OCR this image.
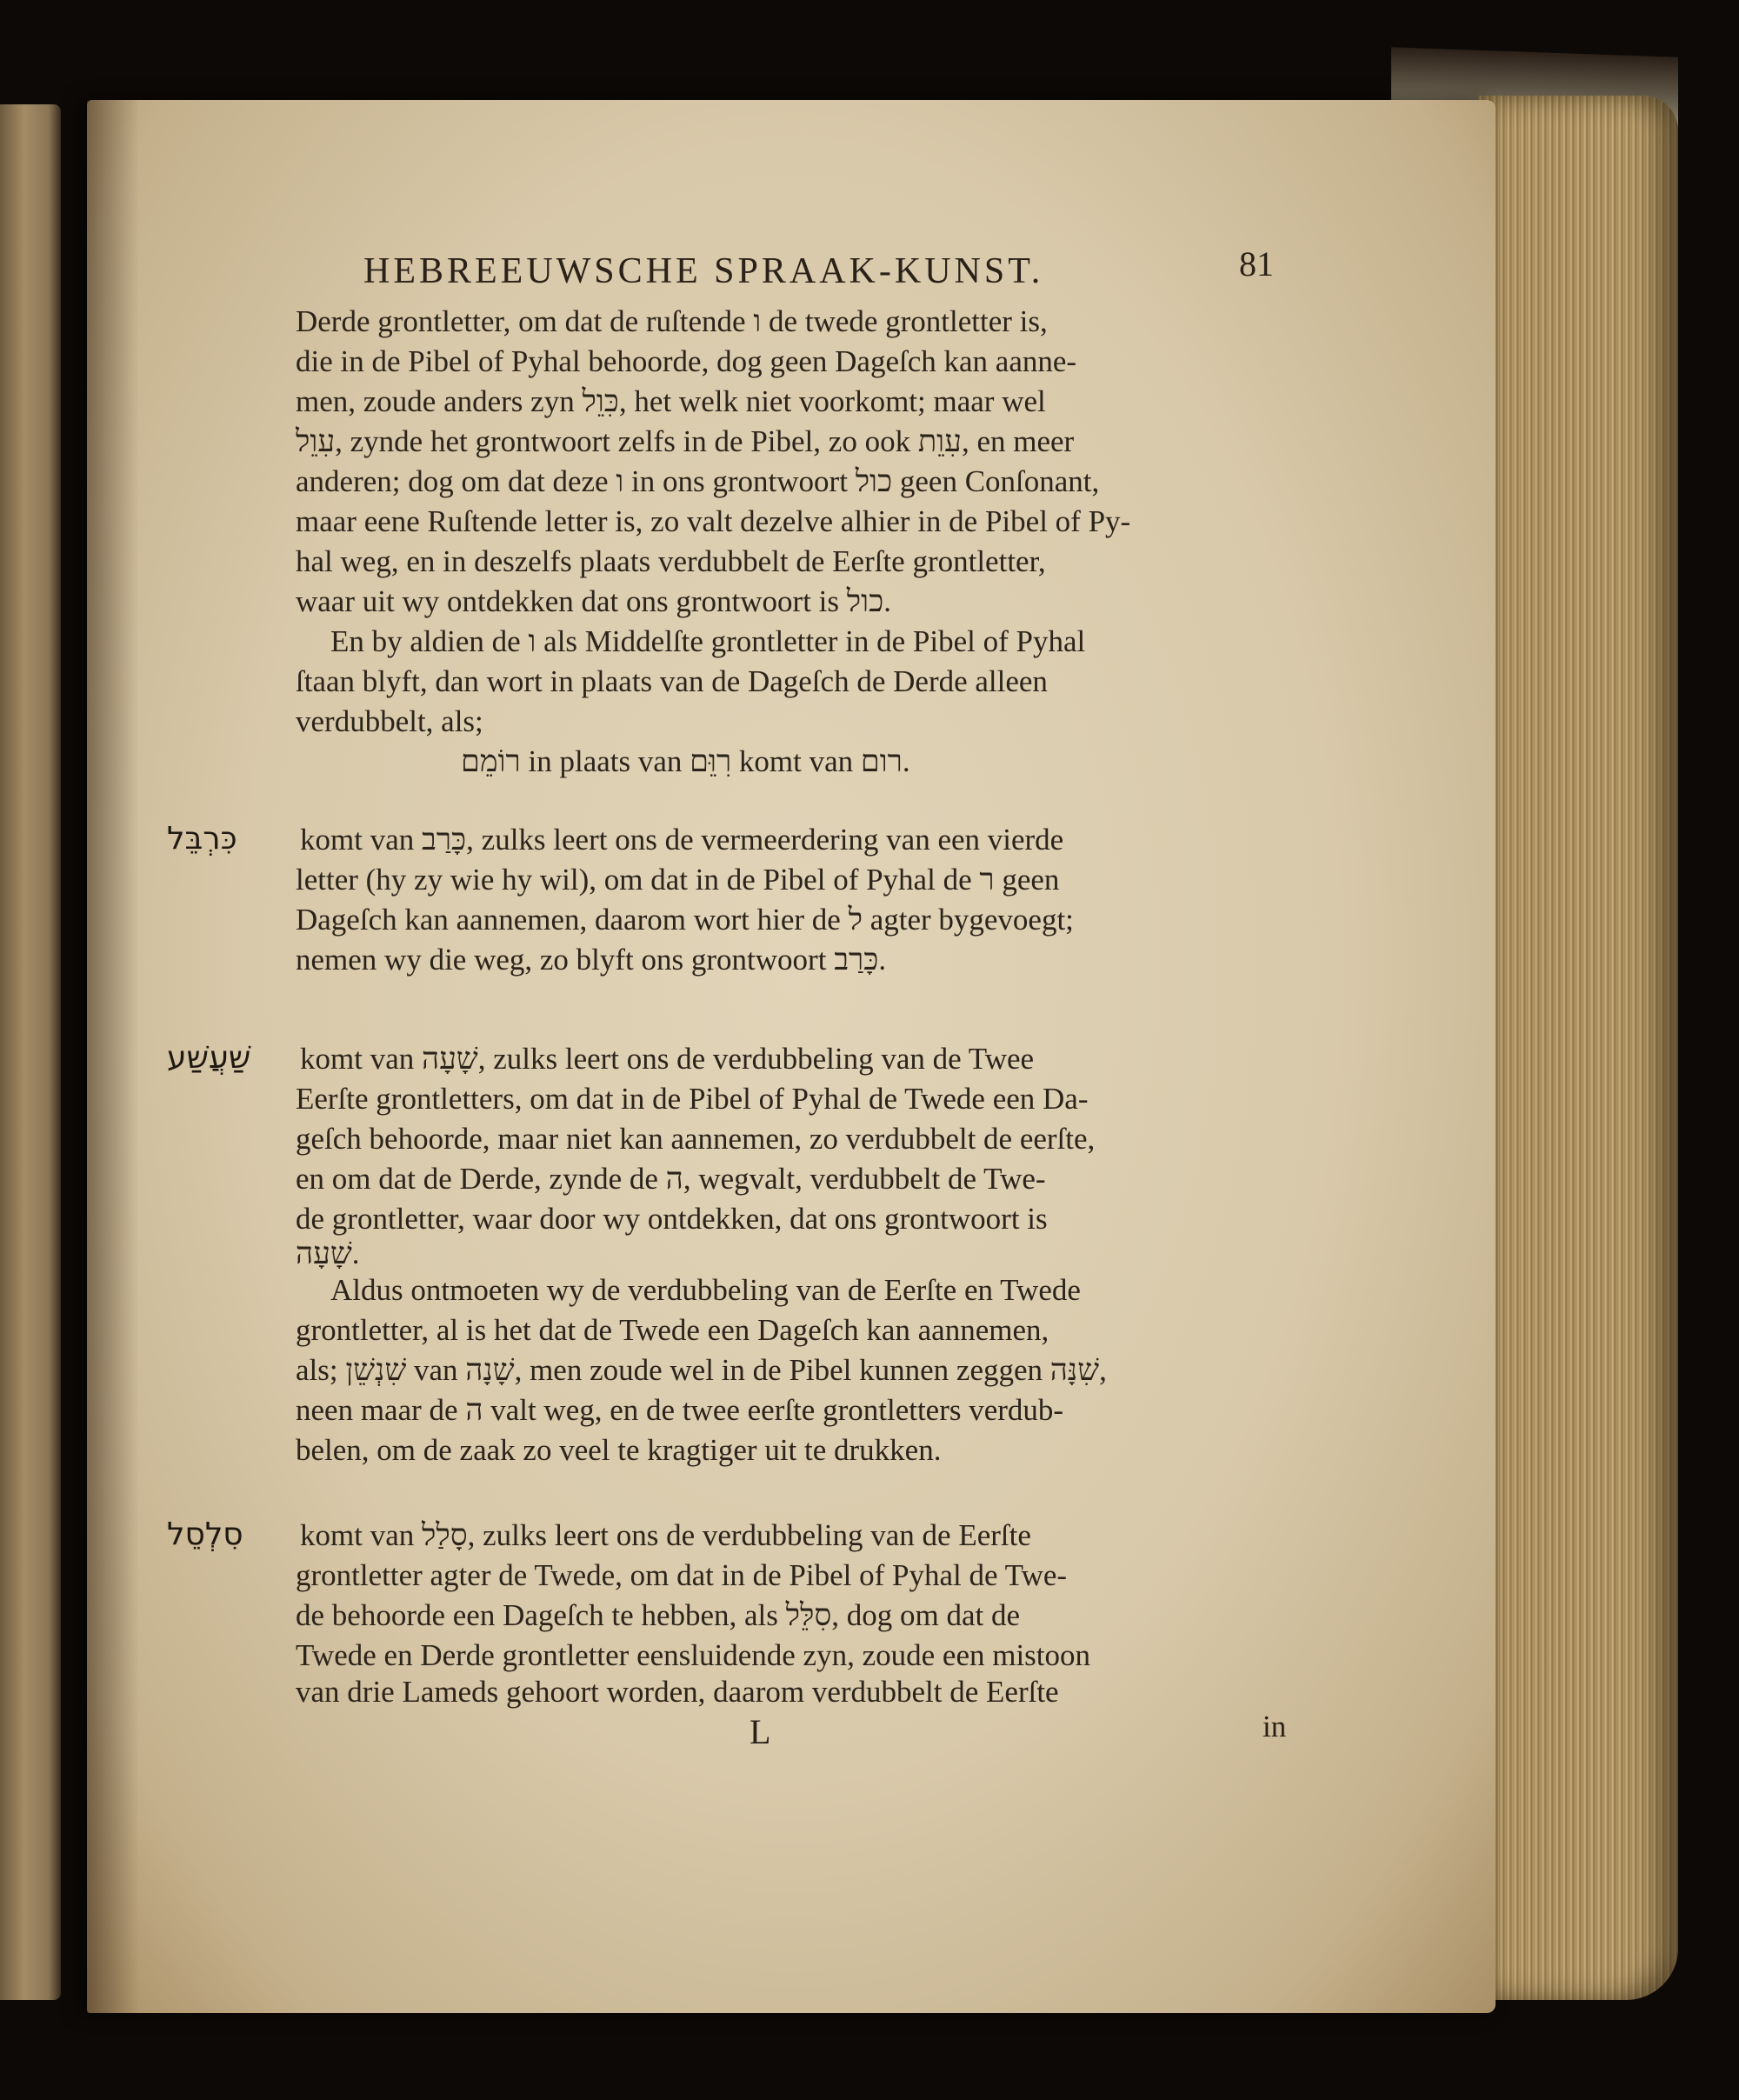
HEBREEUWSCHE SPRAAK-KUNST.	81
Derde grontletter, om dat de ruſtende ו de twede grontletter is,
die in de Pibel of Pyhal behoorde, dog geen Dageſch kan aanne-
men, zoude anders zyn כִּוֵל, het welk niet voorkomt; maar wel
עִוֵל, zynde het grontwoort zelfs in de Pibel, zo ook עִוֵת, en meer
anderen; dog om dat deze ו in ons grontwoort כול geen Conſonant,
maar eene Ruſtende letter is, zo valt dezelve alhier in de Pibel of Py-
hal weg, en in deszelfs plaats verdubbelt de Eerſte grontletter,
waar uit wy ontdekken dat ons grontwoort is כול.
En by aldien de ו als Middelſte grontletter in de Pibel of Pyhal
ſtaan blyft, dan wort in plaats van de Dageſch de Derde alleen
verdubbelt, als;
רוֹמֵם in plaats van רִוֵּם komt van רום.
כִּרְבֵּל komt van כָּרַב, zulks leert ons de vermeerdering van een vierde
letter (hy zy wie hy wil), om dat in de Pibel of Pyhal de ר geen
Dageſch kan aannemen, daarom wort hier de ל agter bygevoegt;
nemen wy die weg, zo blyft ons grontwoort כָּרַב.
שַׁעֲשַׁע komt van שָׁעָה, zulks leert ons de verdubbeling van de Twee
Eerſte grontletters, om dat in de Pibel of Pyhal de Twede een Da-
geſch behoorde, maar niet kan aannemen, zo verdubbelt de eerſte,
en om dat de Derde, zynde de ה, wegvalt, verdubbelt de Twe-
de grontletter, waar door wy ontdekken, dat ons grontwoort is
שָׁעָה.
Aldus ontmoeten wy de verdubbeling van de Eerſte en Twede
grontletter, al is het dat de Twede een Dageſch kan aannemen,
als; שִׁנְשֵׁן van שָׁנָה, men zoude wel in de Pibel kunnen zeggen שִׁנָּה,
neen maar de ה valt weg, en de twee eerſte grontletters verdub-
belen, om de zaak zo veel te kragtiger uit te drukken.
סִלְסֵל komt van סָלַל, zulks leert ons de verdubbeling van de Eerſte
grontletter agter de Twede, om dat in de Pibel of Pyhal de Twe-
de behoorde een Dageſch te hebben, als סִלֵּל, dog om dat de
Twede en Derde grontletter eensluidende zyn, zoude een mistoon
van drie Lameds gehoort worden, daarom verdubbelt de Eerſte
L	in
